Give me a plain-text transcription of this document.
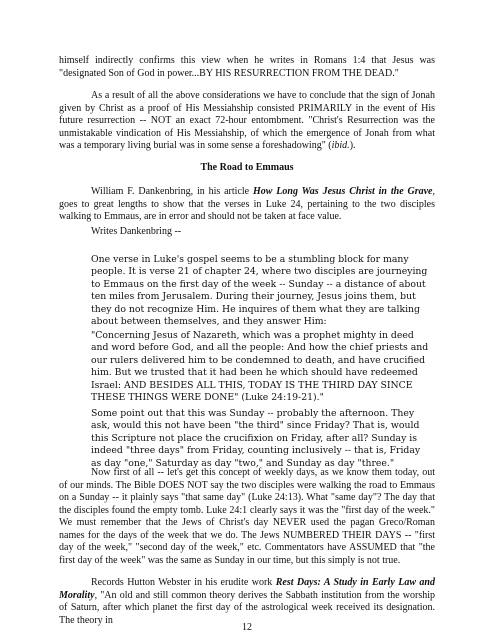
himself indirectly confirms this view when he writes in Romans 1:4 that Jesus was "designated Son of God in power...BY HIS RESURRECTION FROM THE DEAD."

As a result of all the above considerations we have to conclude that the sign of Jonah given by Christ as a proof of His Messiahship consisted PRIMARILY in the event of His future resurrection -- NOT an exact 72-hour entombment. "Christ's Resurrection was the unmistakable vindication of His Messiahship, of which the emergence of Jonah from what was a temporary living burial was in some sense a foreshadowing" (ibid.).

The Road to Emmaus

William F. Dankenbring, in his article How Long Was Jesus Christ in the Grave, goes to great lengths to show that the verses in Luke 24, pertaining to the two disciples walking to Emmaus, are in error and should not be taken at face value.

Writes Dankenbring --

One verse in Luke's gospel seems to be a stumbling block for many people. It is verse 21 of chapter 24, where two disciples are journeying to Emmaus on the first day of the week -- Sunday -- a distance of about ten miles from Jerusalem. During their journey, Jesus joins them, but they do not recognize Him. He inquires of them what they are talking about between themselves, and they answer Him:

"Concerning Jesus of Nazareth, which was a prophet mighty in deed and word before God, and all the people: And how the chief priests and our rulers delivered him to be condemned to death, and have crucified him. But we trusted that it had been he which should have redeemed Israel: AND BESIDES ALL THIS, TODAY IS THE THIRD DAY SINCE THESE THINGS WERE DONE" (Luke 24:19-21)."

Some point out that this was Sunday -- probably the afternoon. They ask, would this not have been "the third" since Friday? That is, would this Scripture not place the crucifixion on Friday, after all? Sunday is indeed "three days" from Friday, counting inclusively -- that is, Friday as day "one," Saturday as day "two," and Sunday as day "three."

Now first of all -- let's get this concept of weekly days, as we know them today, out of our minds. The Bible DOES NOT say the two disciples were walking the road to Emmaus on a Sunday -- it plainly says "that same day" (Luke 24:13). What "same day"? The day that the disciples found the empty tomb. Luke 24:1 clearly says it was the "first day of the week." We must remember that the Jews of Christ's day NEVER used the pagan Greco/Roman names for the days of the week that we do. The Jews NUMBERED THEIR DAYS -- "first day of the week," "second day of the week," etc. Commentators have ASSUMED that "the first day of the week" was the same as Sunday in our time, but this simply is not true.

Records Hutton Webster in his erudite work Rest Days: A Study in Early Law and Morality, "An old and still common theory derives the Sabbath institution from the worship of Saturn, after which planet the first day of the astrological week received its designation. The theory in

12
